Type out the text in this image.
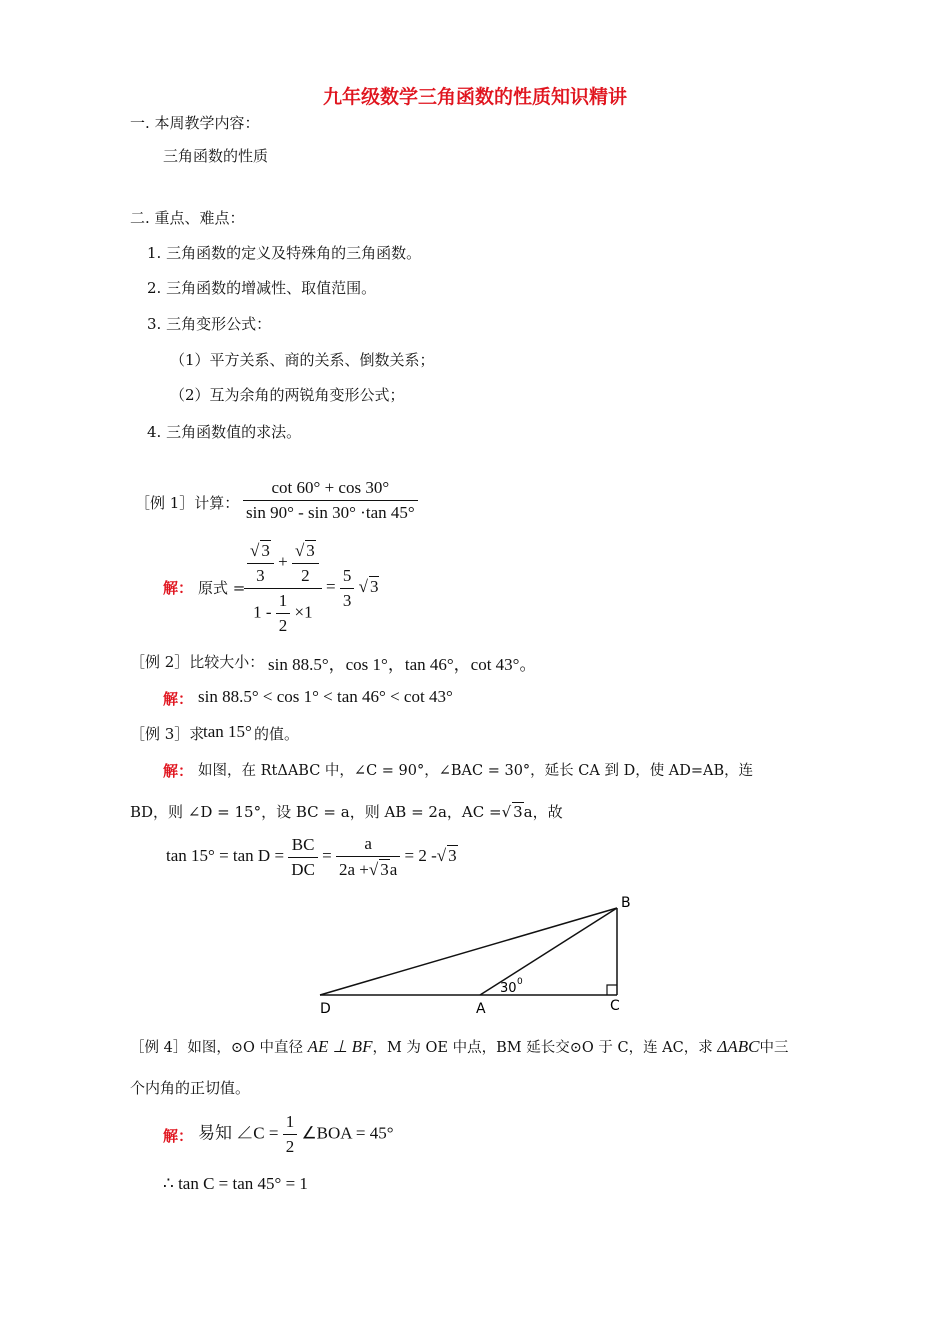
九年级数学三角函数的性质知识精讲
一. 本周教学内容：
三角函数的性质
二. 重点、难点：
1. 三角函数的定义及特殊角的三角函数。
2. 三角函数的增减性、取值范围。
3. 三角变形公式：
（1）平方关系、商的关系、倒数关系；
（2）互为余角的两锐角变形公式；
4. 三角函数值的求法。
［例 1］计算： $\frac{\cot 60^\circ + \cos 30^\circ}{\sin 90^\circ - \sin 30^\circ \cdot\tan 45^\circ}$
解： 原式 =
$\frac{\frac{√ 3}{3} + \frac{√ 3}{2}}{1 - \frac{1}{2} \times 1} = \frac{5}{3}$ √ 3
［例 2］比较大小： sin 88.5°，cos 1°，tan 46°，cot 43°。
解： sin 88.5° < cos 1° < tan 46° < cot 43°
［例 3］求
tan 15° 的值。
解： 如图，在 RtΔABC 中，∠C = 90°，∠BAC = 30°，延长 CA 到 D，使 AD=AB，连
BD，则 ∠D = 15°，设 BC = a，则 AB = 2a，AC =√ 3a，故
$\tan 15^\circ = \tan D = \frac{BC}{DC} = \frac{a}{2a +√ 3a} = 2$ -√ 3
B
D	A	C
30 0
［例 4］如图，⊙O 中直径 AE ⊥ BF，M 为 OE 中点，BM 延长交⊙O 于 C，连 AC，求 ΔABC中三
个内角的正切值。
解： 易知 ∠C = $\frac{1}{2}$ ∠BOA = 45°
∴ tan C = tan 45° = 1
